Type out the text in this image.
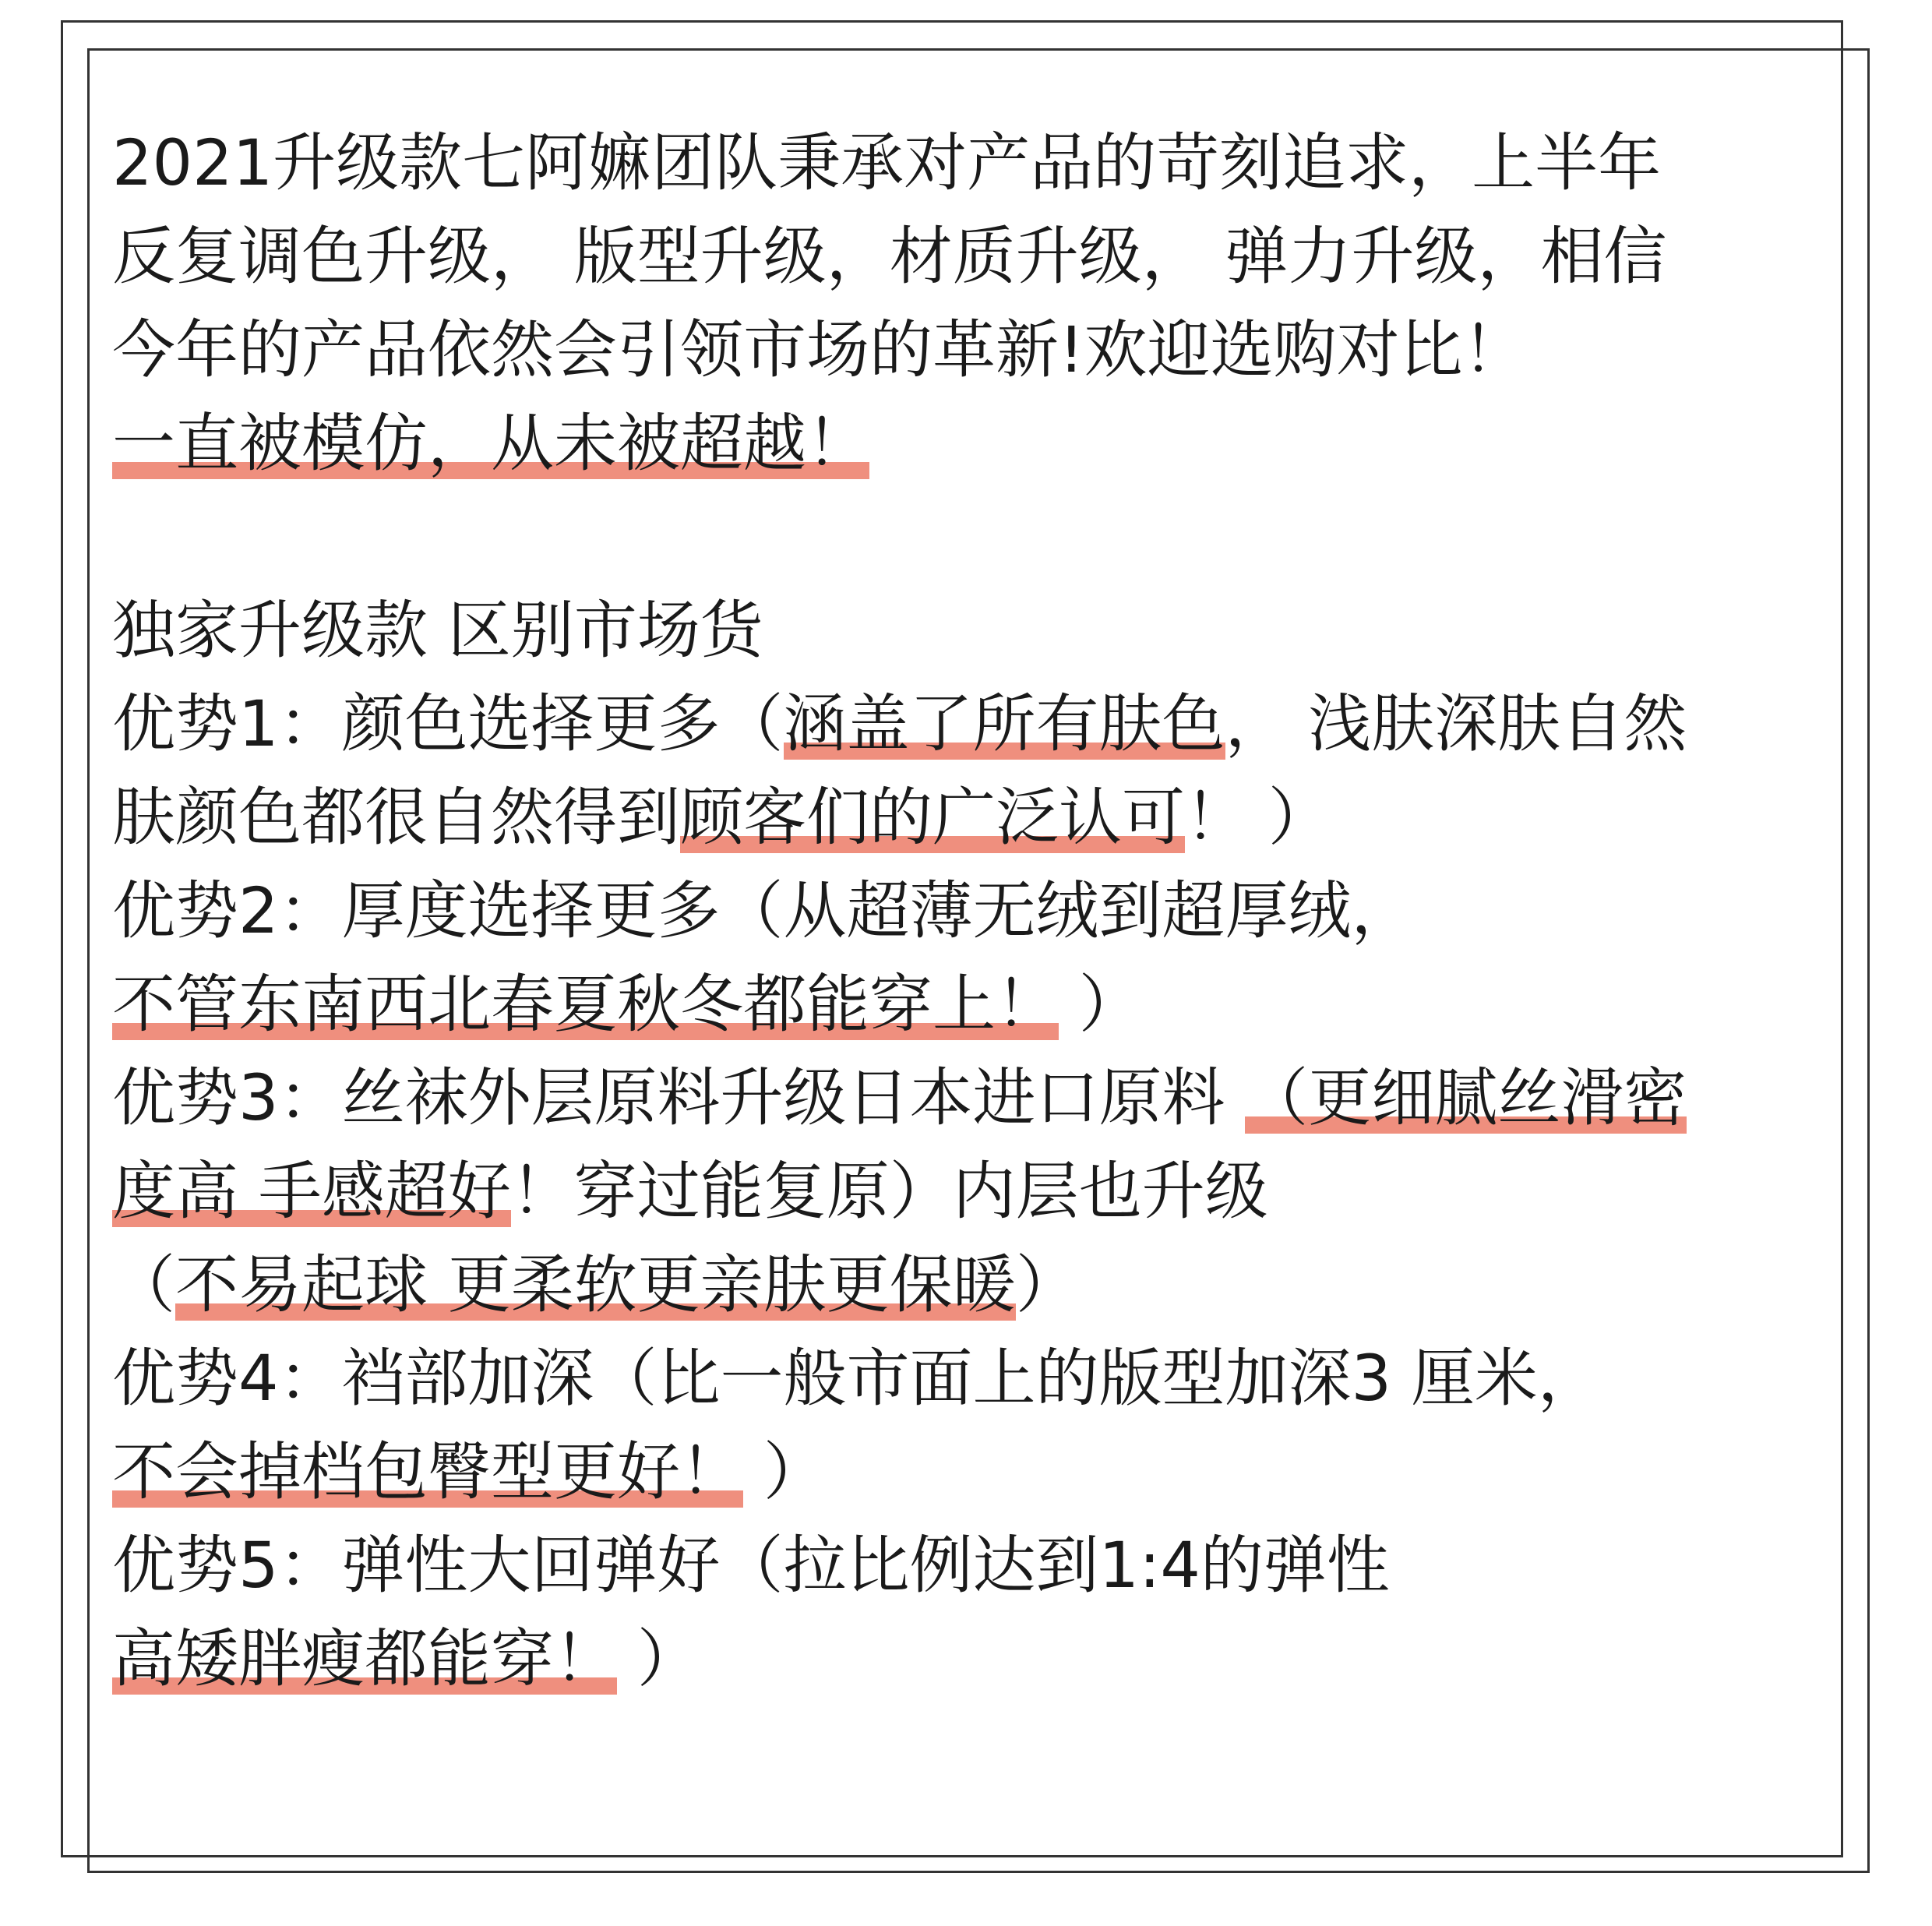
2021升级款七阿嫲团队秉承对产品的苛刻追求，上半年
反复调色升级， 版型升级，材质升级， 弹力升级，相信
今年的产品依然会引领市场的革新!欢迎选购对比！
一直被模仿，从未被超越！
独家升级款 区别市场货
优势1：颜色选择更多（涵盖了所有肤色， 浅肤深肤自然
肤颜色都很自然得到顾客们的广泛认可！ ）
优势2：厚度选择更多（从超薄无绒到超厚绒，
不管东南西北春夏秋冬都能穿上！ ）
优势3：丝袜外层原料升级日本进口原料 （更细腻丝滑密
度高 手感超好！穿过能复原）内层也升级
（不易起球 更柔软更亲肤更保暖）
优势4：裆部加深（比一般市面上的版型加深3 厘米，
不会掉档包臀型更好！ ）
优势5：弹性大回弹好（拉比例达到1:4的弹性
高矮胖瘦都能穿！ ）
